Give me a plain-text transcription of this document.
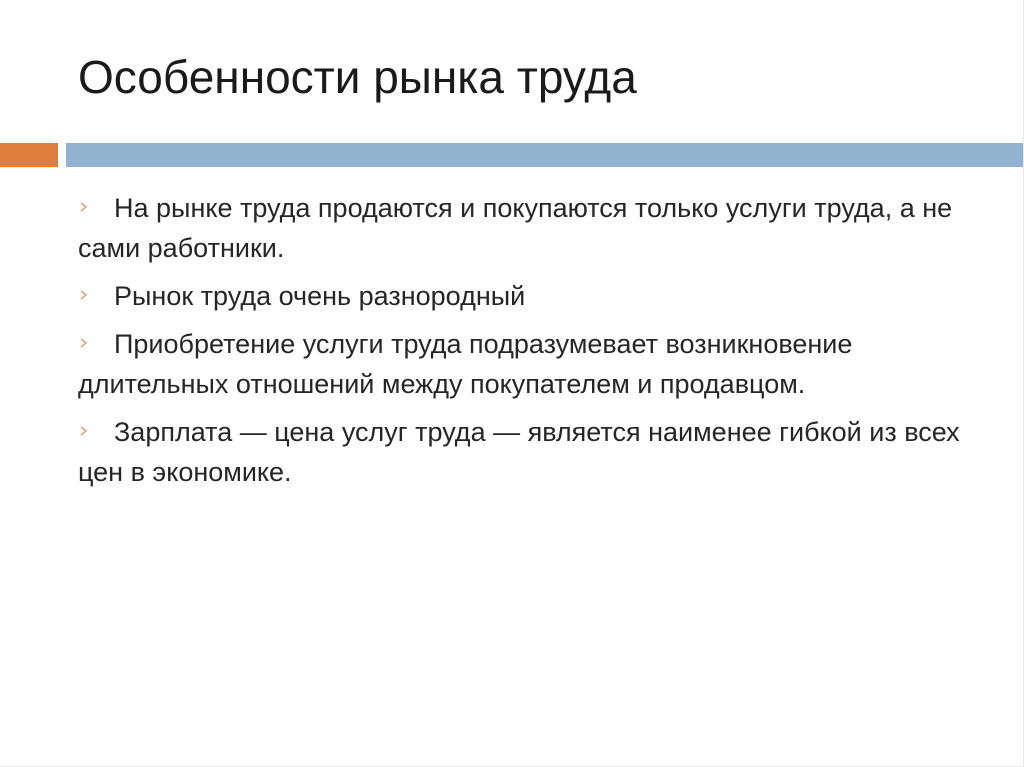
Особенности рынка труда

На рынке труда продаются и покупаются только услуги труда, а не сами работники.

Рынок труда очень разнородный

Приобретение услуги труда подразумевает возникновение длительных отношений между покупателем и продавцом.

Зарплата — цена услуг труда — является наименее гибкой из всех цен в экономике.
